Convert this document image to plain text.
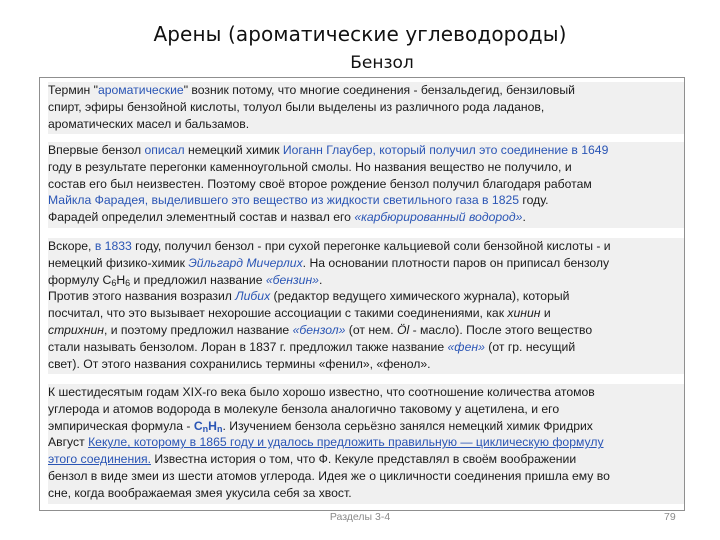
Арены (ароматические углеводороды)
Бензол
Термин "ароматические" возник потому, что многие соединения - бензальдегид, бензиловый
спирт, эфиры бензойной кислоты, толуол были выделены из различного рода ладанов,
ароматических масел и бальзамов.
Впервые бензол описал немецкий химик Иоганн Глаубер, который получил это соединение в 1649
году в результате перегонки каменноугольной смолы. Но названия вещество не получило, и
состав его был неизвестен. Поэтому своё второе рождение бензол получил благодаря работам
Майкла Фарадея, выделившего это вещество из жидкости светильного газа в 1825 году.
Фарадей определил элементный состав и назвал его «карбюрированный водород».
Вскоре, в 1833 году, получил бензол - при сухой перегонке кальциевой соли бензойной кислоты - и
немецкий физико-химик Эйльгард Мичерлих. На основании плотности паров он приписал бензолу
формулу $C_6H_6$ и предложил название «бензин».
Против этого названия возразил Либих (редактор ведущего химического журнала), который
посчитал, что это вызывает нехорошие ассоциации с такими соединениями, как хинин и
стрихнин, и поэтому предложил название «бензол» (от нем. Öl - масло). После этого вещество
стали называть бензолом. Лоран в 1837 г. предложил также название «фен» (от гр. несущий
свет). От этого названия сохранились термины «фенил», «фенол».
К шестидесятым годам XIX-го века было хорошо известно, что соотношение количества атомов
углерода и атомов водорода в молекуле бензола аналогично таковому у ацетилена, и его
эмпирическая формула - $C_nH_n$. Изучением бензола серьёзно занялся немецкий химик Фридрих
Август Кекуле, которому в 1865 году и удалось предложить правильную — циклическую формулу
этого соединения. Известна история о том, что Ф. Кекуле представлял в своём воображении
бензол в виде змеи из шести атомов углерода. Идея же о цикличности соединения пришла ему во
сне, когда воображаемая змея укусила себя за хвост.
Разделы 3-4	79
